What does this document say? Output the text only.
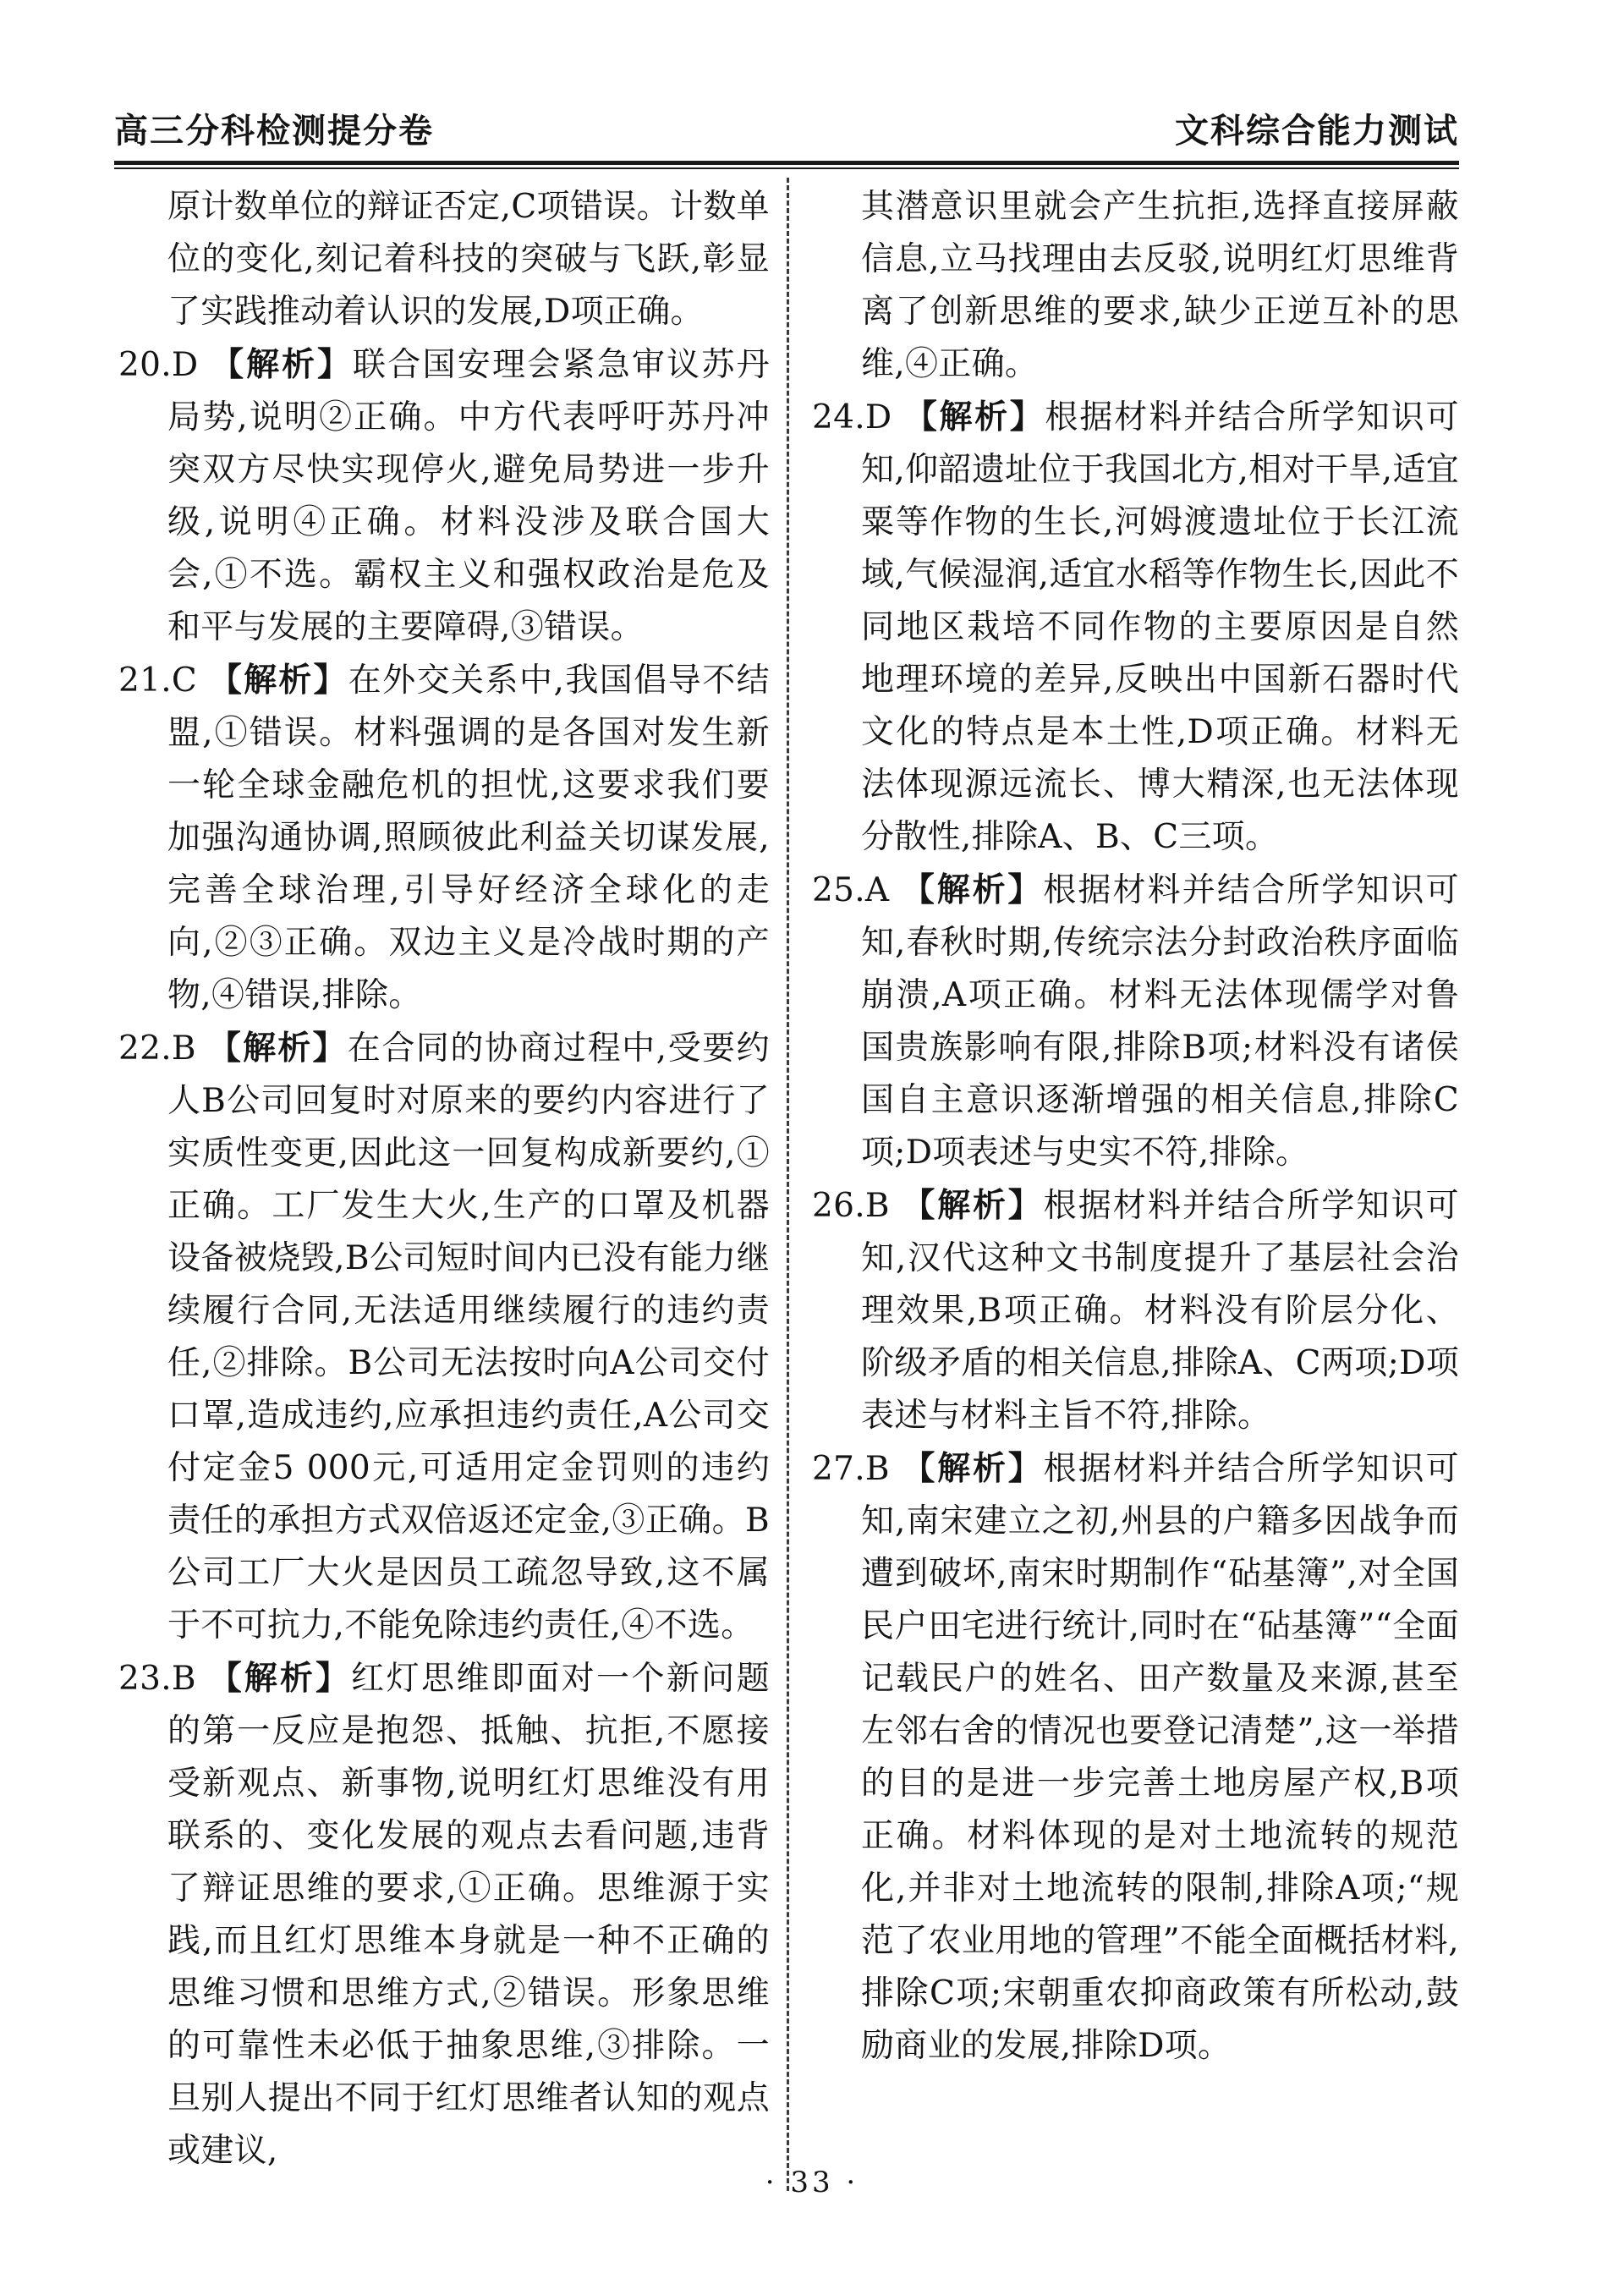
高三分科检测提分卷	文科综合能力测试
原计数单位的辩证否定,C项错误。计数单位的变化,刻记着科技的突破与飞跃,彰显了实践推动着认识的发展,D项正确。
20.D 【解析】联合国安理会紧急审议苏丹局势,说明②正确。中方代表呼吁苏丹冲突双方尽快实现停火,避免局势进一步升级,说明④正确。材料没涉及联合国大会,①不选。霸权主义和强权政治是危及和平与发展的主要障碍,③错误。
21.C 【解析】在外交关系中,我国倡导不结盟,①错误。材料强调的是各国对发生新一轮全球金融危机的担忧,这要求我们要加强沟通协调,照顾彼此利益关切谋发展,完善全球治理,引导好经济全球化的走向,②③正确。双边主义是冷战时期的产物,④错误,排除。
22.B 【解析】在合同的协商过程中,受要约人B公司回复时对原来的要约内容进行了实质性变更,因此这一回复构成新要约,①正确。工厂发生大火,生产的口罩及机器设备被烧毁,B公司短时间内已没有能力继续履行合同,无法适用继续履行的违约责任,②排除。B公司无法按时向A公司交付口罩,造成违约,应承担违约责任,A公司交付定金5 000元,可适用定金罚则的违约责任的承担方式双倍返还定金,③正确。B公司工厂大火是因员工疏忽导致,这不属于不可抗力,不能免除违约责任,④不选。
23.B 【解析】红灯思维即面对一个新问题的第一反应是抱怨、抵触、抗拒,不愿接受新观点、新事物,说明红灯思维没有用联系的、变化发展的观点去看问题,违背了辩证思维的要求,①正确。思维源于实践,而且红灯思维本身就是一种不正确的思维习惯和思维方式,②错误。形象思维的可靠性未必低于抽象思维,③排除。一旦别人提出不同于红灯思维者认知的观点或建议,
其潜意识里就会产生抗拒,选择直接屏蔽信息,立马找理由去反驳,说明红灯思维背离了创新思维的要求,缺少正逆互补的思维,④正确。
24.D 【解析】根据材料并结合所学知识可知,仰韶遗址位于我国北方,相对干旱,适宜粟等作物的生长,河姆渡遗址位于长江流域,气候湿润,适宜水稻等作物生长,因此不同地区栽培不同作物的主要原因是自然地理环境的差异,反映出中国新石器时代文化的特点是本土性,D项正确。材料无法体现源远流长、博大精深,也无法体现分散性,排除A、B、C三项。
25.A 【解析】根据材料并结合所学知识可知,春秋时期,传统宗法分封政治秩序面临崩溃,A项正确。材料无法体现儒学对鲁国贵族影响有限,排除B项;材料没有诸侯国自主意识逐渐增强的相关信息,排除C项;D项表述与史实不符,排除。
26.B 【解析】根据材料并结合所学知识可知,汉代这种文书制度提升了基层社会治理效果,B项正确。材料没有阶层分化、阶级矛盾的相关信息,排除A、C两项;D项表述与材料主旨不符,排除。
27.B 【解析】根据材料并结合所学知识可知,南宋建立之初,州县的户籍多因战争而遭到破坏,南宋时期制作“砧基簿”,对全国民户田宅进行统计,同时在“砧基簿”“全面记载民户的姓名、田产数量及来源,甚至左邻右舍的情况也要登记清楚”,这一举措的目的是进一步完善土地房屋产权,B项正确。材料体现的是对土地流转的规范化,并非对土地流转的限制,排除A项;“规范了农业用地的管理”不能全面概括材料,排除C项;宋朝重农抑商政策有所松动,鼓励商业的发展,排除D项。
· 33 ·
